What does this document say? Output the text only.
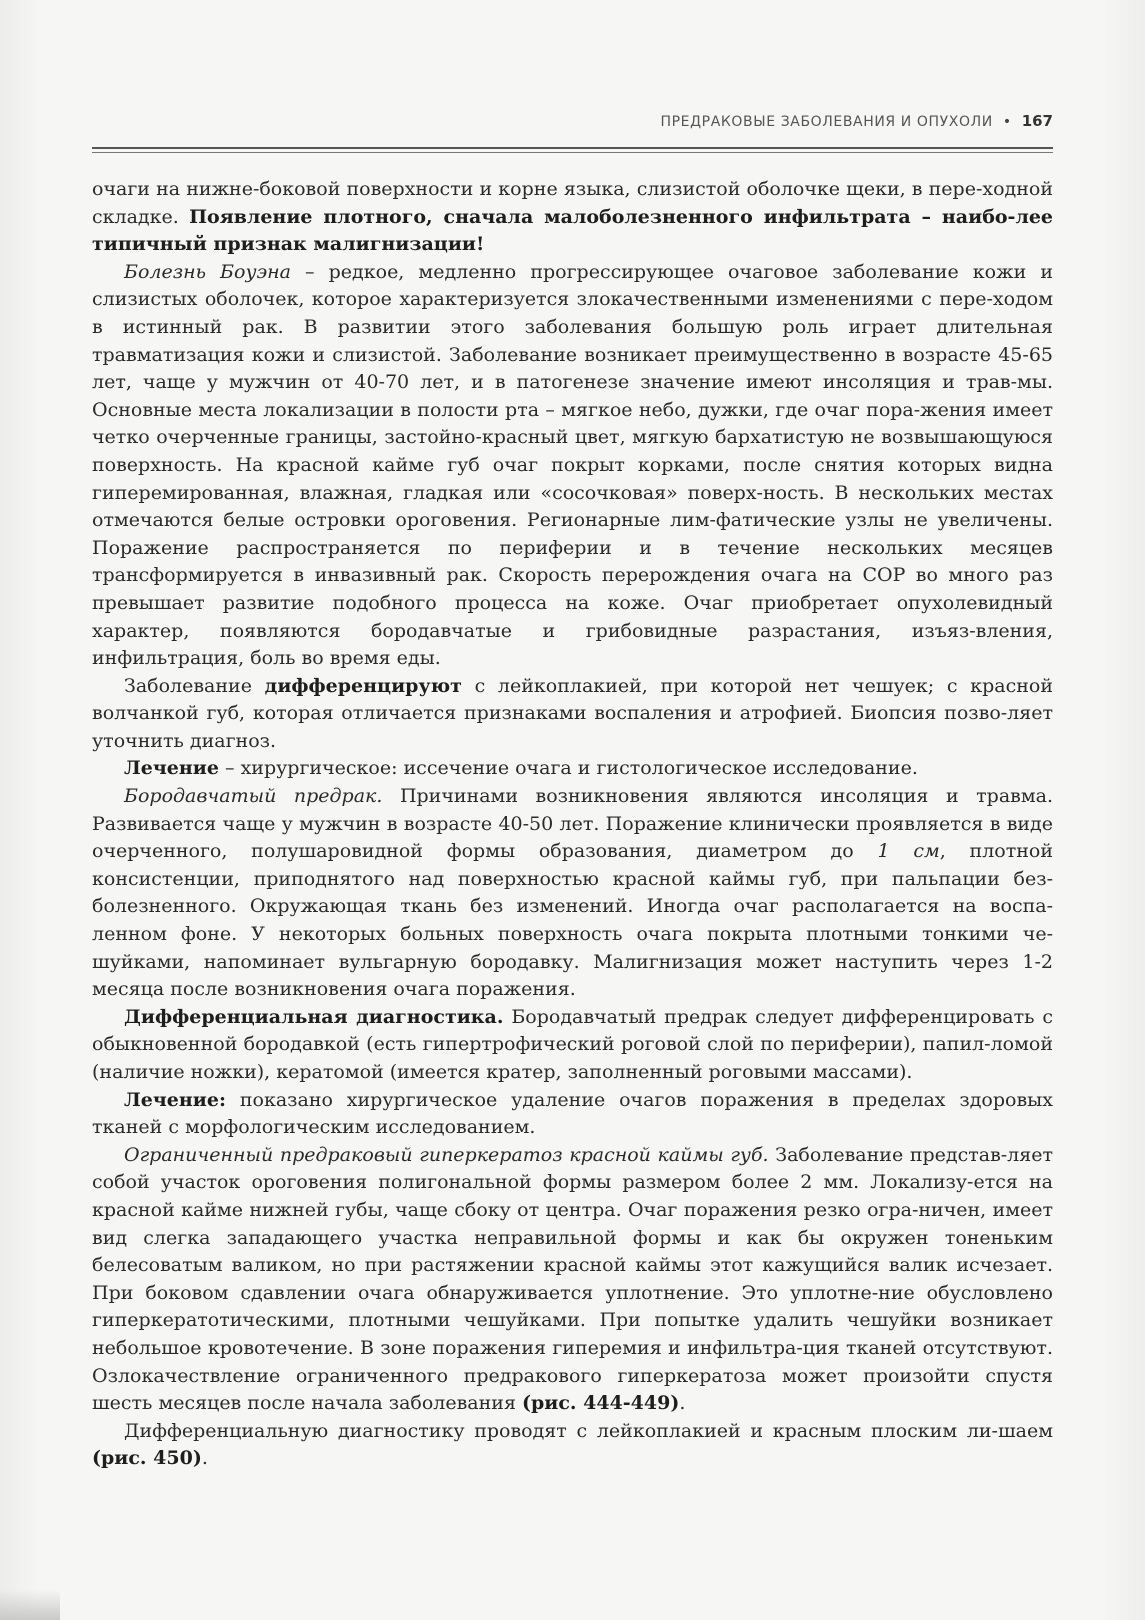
ПРЕДРАКОВЫЕ ЗАБОЛЕВАНИЯ И ОПУХОЛИ • 167

очаги на нижне-боковой поверхности и корне языка, слизистой оболочке щеки, в пере-ходной складке. Появление плотного, сначала малоболезненного инфильтрата – наибо-лее типичный признак малигнизации!

Болезнь Боуэна – редкое, медленно прогрессирующее очаговое заболевание кожи и слизистых оболочек, которое характеризуется злокачественными изменениями с пере-ходом в истинный рак. В развитии этого заболевания большую роль играет длительная травматизация кожи и слизистой. Заболевание возникает преимущественно в возрасте 45-65 лет, чаще у мужчин от 40-70 лет, и в патогенезе значение имеют инсоляция и трав-мы. Основные места локализации в полости рта – мягкое небо, дужки, где очаг пора-жения имеет четко очерченные границы, застойно-красный цвет, мягкую бархатистую не возвышающуюся поверхность. На красной кайме губ очаг покрыт корками, после снятия которых видна гиперемированная, влажная, гладкая или «сосочковая» поверх-ность. В нескольких местах отмечаются белые островки ороговения. Регионарные лим-фатические узлы не увеличены. Поражение распространяется по периферии и в течение нескольких месяцев трансформируется в инвазивный рак. Скорость перерождения очага на СОР во много раз превышает развитие подобного процесса на коже. Очаг приобретает опухолевидный характер, появляются бородавчатые и грибовидные разрастания, изъяз-вления, инфильтрация, боль во время еды.

Заболевание дифференцируют с лейкоплакией, при которой нет чешуек; с красной волчанкой губ, которая отличается признаками воспаления и атрофией. Биопсия позво-ляет уточнить диагноз.

Лечение – хирургическое: иссечение очага и гистологическое исследование.

Бородавчатый предрак. Причинами возникновения являются инсоляция и травма. Развивается чаще у мужчин в возрасте 40-50 лет. Поражение клинически проявляется в виде очерченного, полушаровидной формы образования, диаметром до 1 см, плотной консистенции, приподнятого над поверхностью красной каймы губ, при пальпации без-болезненного. Окружающая ткань без изменений. Иногда очаг располагается на воспа-ленном фоне. У некоторых больных поверхность очага покрыта плотными тонкими че-шуйками, напоминает вульгарную бородавку. Малигнизация может наступить через 1-2 месяца после возникновения очага поражения.

Дифференциальная диагностика. Бородавчатый предрак следует дифференцировать с обыкновенной бородавкой (есть гипертрофический роговой слой по периферии), папил-ломой (наличие ножки), кератомой (имеется кратер, заполненный роговыми массами).

Лечение: показано хирургическое удаление очагов поражения в пределах здоровых тканей с морфологическим исследованием.

Ограниченный предраковый гиперкератоз красной каймы губ. Заболевание представ-ляет собой участок ороговения полигональной формы размером более 2 мм. Локализу-ется на красной кайме нижней губы, чаще сбоку от центра. Очаг поражения резко огра-ничен, имеет вид слегка западающего участка неправильной формы и как бы окружен тоненьким белесоватым валиком, но при растяжении красной каймы этот кажущийся валик исчезает. При боковом сдавлении очага обнаруживается уплотнение. Это уплотне-ние обусловлено гиперкератотическими, плотными чешуйками. При попытке удалить чешуйки возникает небольшое кровотечение. В зоне поражения гиперемия и инфильтра-ция тканей отсутствуют. Озлокачествление ограниченного предракового гиперкератоза может произойти спустя шесть месяцев после начала заболевания (рис. 444-449).

Дифференциальную диагностику проводят с лейкоплакией и красным плоским ли-шаем (рис. 450).
